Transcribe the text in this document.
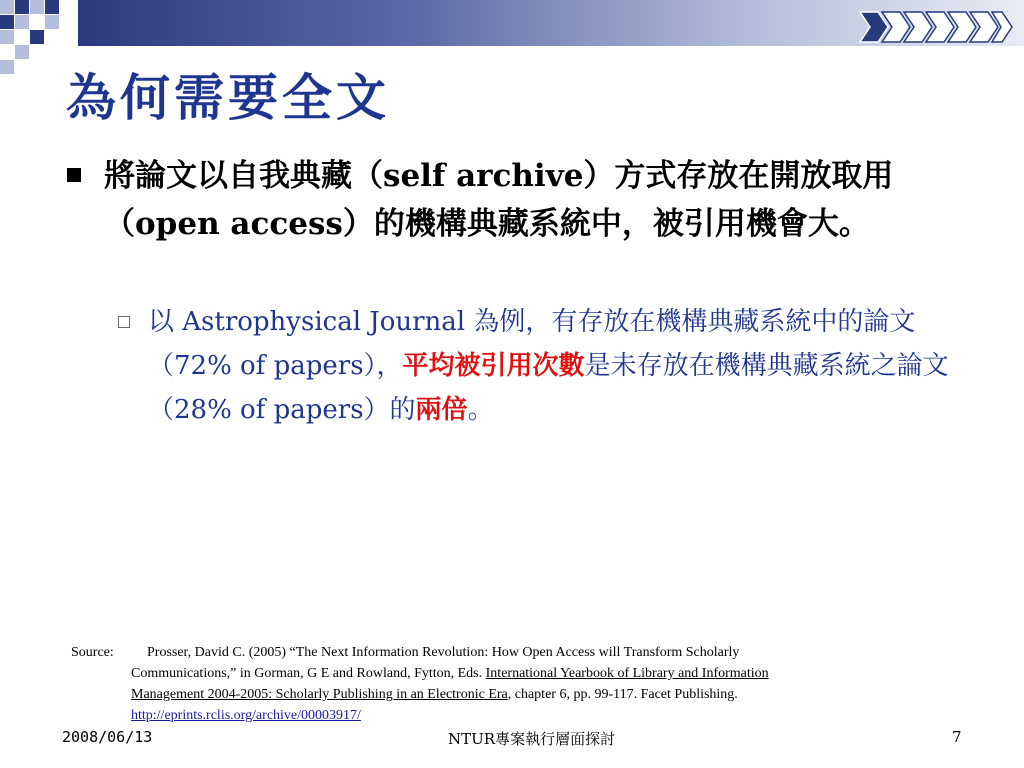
為何需要全文
將論文以自我典藏（self archive）方式存放在開放取用（open access）的機構典藏系統中，被引用機會大。
以 Astrophysical Journal 為例，有存放在機構典藏系統中的論文（72% of papers），平均被引用次數是未存放在機構典藏系統之論文（28% of papers）的兩倍。
Source: Prosser, David C. (2005) “The Next Information Revolution: How Open Access will Transform Scholarly
Communications,” in Gorman, G E and Rowland, Fytton, Eds. International Yearbook of Library and Information
Management 2004-2005: Scholarly Publishing in an Electronic Era, chapter 6, pp. 99-117. Facet Publishing.
http://eprints.rclis.org/archive/00003917/
2008/06/13	NTUR專案執行層面探討	7
